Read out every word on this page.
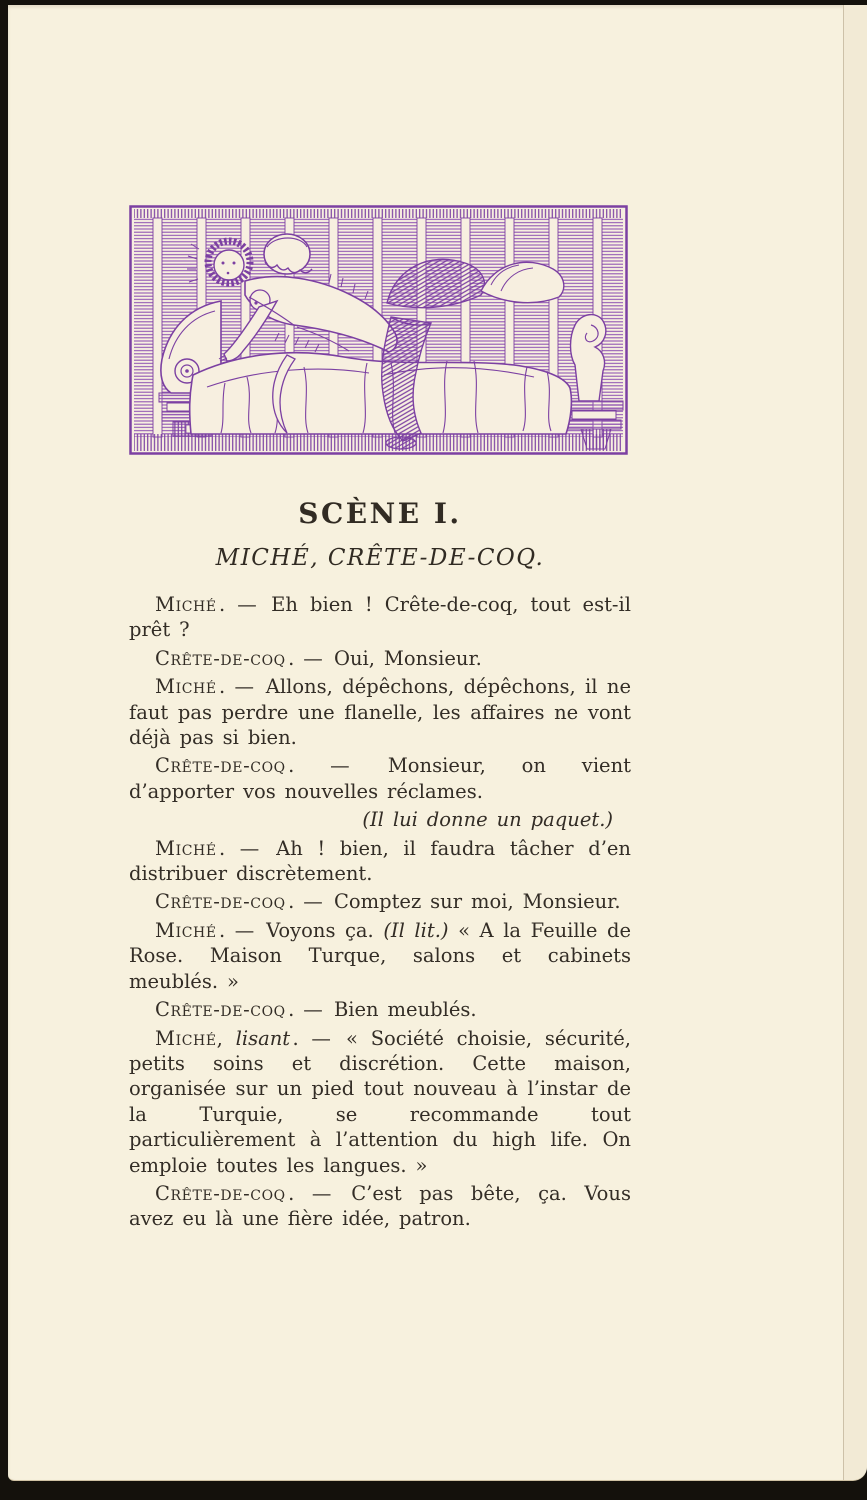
SCÈNE I.
MICHÉ, CRÊTE-DE-COQ.

Miché . — Eh bien ! Crête-de-coq, tout est-il prêt ?

Crête-de-coq . — Oui, Monsieur.

Miché . — Allons, dépêchons, dépêchons, il ne faut pas perdre une flanelle, les affaires ne vont déjà pas si bien.

Crête-de-coq . — Monsieur, on vient d’apporter vos nouvelles réclames.

(Il lui donne un paquet.)

Miché . — Ah ! bien, il faudra tâcher d’en distribuer discrètement.

Crête-de-coq . — Comptez sur moi, Monsieur.

Miché . — Voyons ça. (Il lit.) « A la Feuille de Rose. Maison Turque, salons et cabinets meublés. »

Crête-de-coq . — Bien meublés.

Miché, lisant . — « Société choisie, sécurité, petits soins et discrétion. Cette maison, organisée sur un pied tout nouveau à l’instar de la Turquie, se recommande tout particulièrement à l’attention du high life. On emploie toutes les langues. »

Crête-de-coq . — C’est pas bête, ça. Vous avez eu là une fière idée, patron.
